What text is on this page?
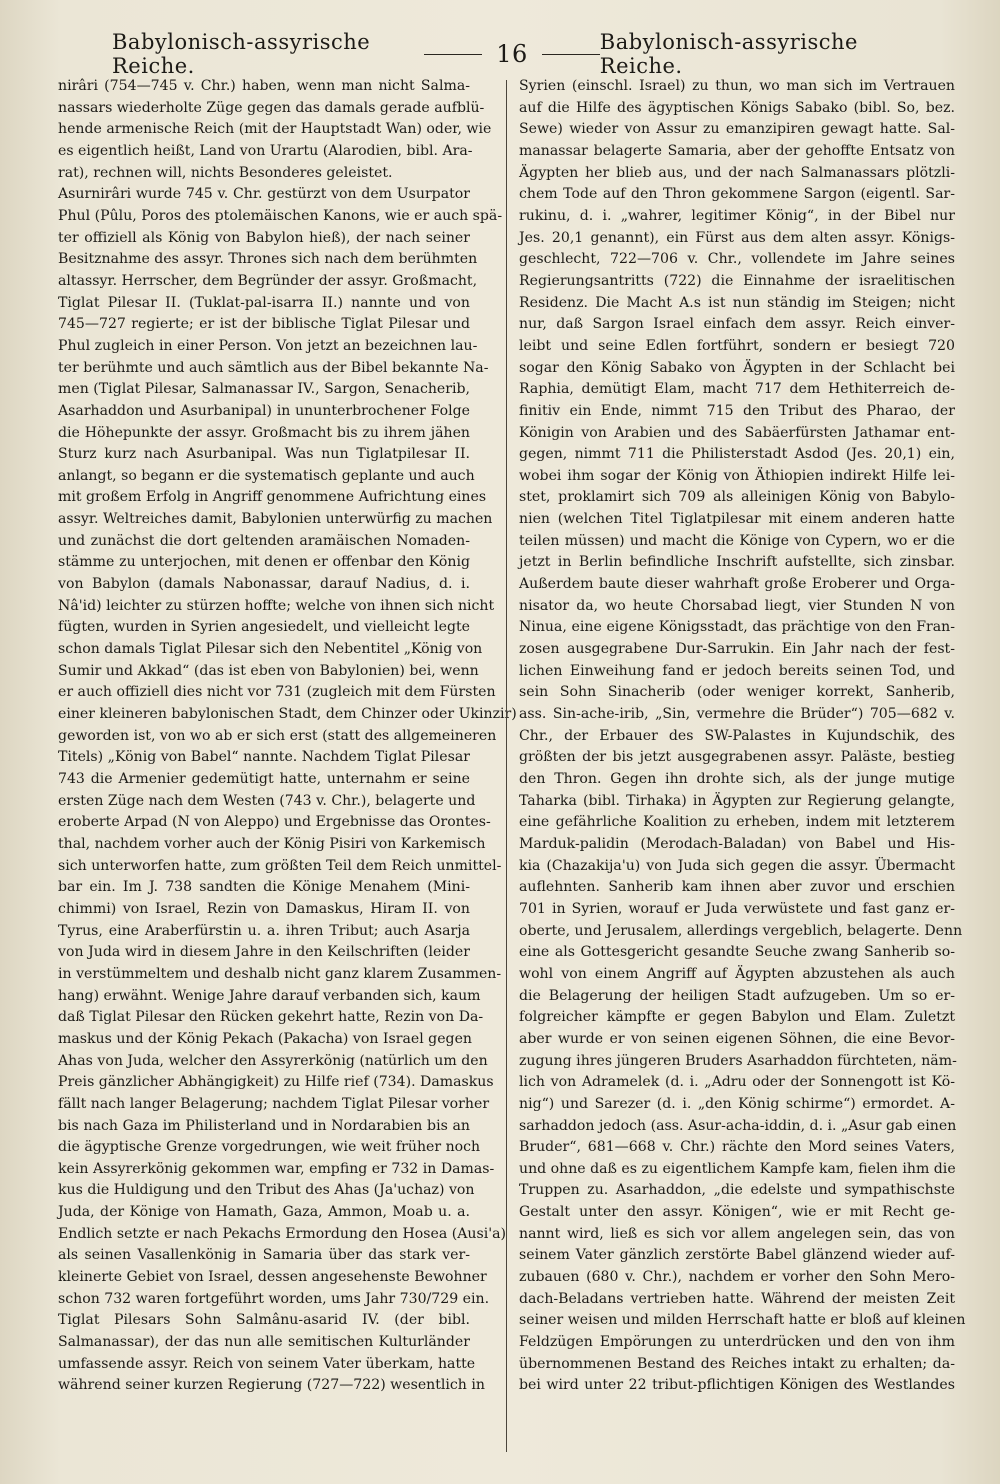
Babylonisch-assyrische Reiche.	16	Babylonisch-assyrische Reiche.
nirâri (754—745 v. Chr.) haben, wenn man nicht Salma-
nassars wiederholte Züge gegen das damals gerade aufblü-
hende armenische Reich (mit der Hauptstadt Wan) oder, wie
es eigentlich heißt, Land von Urartu (Alarodien, bibl. Ara-
rat), rechnen will, nichts Besonderes geleistet.
Asurnirâri wurde 745 v. Chr. gestürzt von dem Usurpator
Phul (Pûlu, Poros des ptolemäischen Kanons, wie er auch spä-
ter offiziell als König von Babylon hieß), der nach seiner
Besitznahme des assyr. Thrones sich nach dem berühmten
altassyr. Herrscher, dem Begründer der assyr. Großmacht,
Tiglat Pilesar II. (Tuklat-pal-isarra II.) nannte und von
745—727 regierte; er ist der biblische Tiglat Pilesar und
Phul zugleich in einer Person. Von jetzt an bezeichnen lau-
ter berühmte und auch sämtlich aus der Bibel bekannte Na-
men (Tiglat Pilesar, Salmanassar IV., Sargon, Senacherib,
Asarhaddon und Asurbanipal) in ununterbrochener Folge
die Höhepunkte der assyr. Großmacht bis zu ihrem jähen
Sturz kurz nach Asurbanipal. Was nun Tiglatpilesar II.
anlangt, so begann er die systematisch geplante und auch
mit großem Erfolg in Angriff genommene Aufrichtung eines
assyr. Weltreiches damit, Babylonien unterwürfig zu machen
und zunächst die dort geltenden aramäischen Nomaden-
stämme zu unterjochen, mit denen er offenbar den König
von Babylon (damals Nabonassar, darauf Nadius, d. i.
Nâ'id) leichter zu stürzen hoffte; welche von ihnen sich nicht
fügten, wurden in Syrien angesiedelt, und vielleicht legte
schon damals Tiglat Pilesar sich den Nebentitel „König von
Sumir und Akkad“ (das ist eben von Babylonien) bei, wenn
er auch offiziell dies nicht vor 731 (zugleich mit dem Fürsten
einer kleineren babylonischen Stadt, dem Chinzer oder Ukinzir)
geworden ist, von wo ab er sich erst (statt des allgemeineren
Titels) „König von Babel“ nannte. Nachdem Tiglat Pilesar
743 die Armenier gedemütigt hatte, unternahm er seine
ersten Züge nach dem Westen (743 v. Chr.), belagerte und
eroberte Arpad (N von Aleppo) und Ergebnisse das Orontes-
thal, nachdem vorher auch der König Pisiri von Karkemisch
sich unterworfen hatte, zum größten Teil dem Reich unmittel-
bar ein. Im J. 738 sandten die Könige Menahem (Mini-
chimmi) von Israel, Rezin von Damaskus, Hiram II. von
Tyrus, eine Araberfürstin u. a. ihren Tribut; auch Asarja
von Juda wird in diesem Jahre in den Keilschriften (leider
in verstümmeltem und deshalb nicht ganz klarem Zusammen-
hang) erwähnt. Wenige Jahre darauf verbanden sich, kaum
daß Tiglat Pilesar den Rücken gekehrt hatte, Rezin von Da-
maskus und der König Pekach (Pakacha) von Israel gegen
Ahas von Juda, welcher den Assyrerkönig (natürlich um den
Preis gänzlicher Abhängigkeit) zu Hilfe rief (734). Damaskus
fällt nach langer Belagerung; nachdem Tiglat Pilesar vorher
bis nach Gaza im Philisterland und in Nordarabien bis an
die ägyptische Grenze vorgedrungen, wie weit früher noch
kein Assyrerkönig gekommen war, empfing er 732 in Damas-
kus die Huldigung und den Tribut des Ahas (Ja'uchaz) von
Juda, der Könige von Hamath, Gaza, Ammon, Moab u. a.
Endlich setzte er nach Pekachs Ermordung den Hosea (Ausi'a)
als seinen Vasallenkönig in Samaria über das stark ver-
kleinerte Gebiet von Israel, dessen angesehenste Bewohner
schon 732 waren fortgeführt worden, ums Jahr 730/729 ein.
Tiglat Pilesars Sohn Salmânu-asarid IV. (der bibl.
Salmanassar), der das nun alle semitischen Kulturländer
umfassende assyr. Reich von seinem Vater überkam, hatte
während seiner kurzen Regierung (727—722) wesentlich in
Syrien (einschl. Israel) zu thun, wo man sich im Vertrauen
auf die Hilfe des ägyptischen Königs Sabako (bibl. So, bez.
Sewe) wieder von Assur zu emanzipiren gewagt hatte. Sal-
manassar belagerte Samaria, aber der gehoffte Entsatz von
Ägypten her blieb aus, und der nach Salmanassars plötzli-
chem Tode auf den Thron gekommene Sargon (eigentl. Sar-
rukinu, d. i. „wahrer, legitimer König“, in der Bibel nur
Jes. 20,1 genannt), ein Fürst aus dem alten assyr. Königs-
geschlecht, 722—706 v. Chr., vollendete im Jahre seines
Regierungsantritts (722) die Einnahme der israelitischen
Residenz. Die Macht A.s ist nun ständig im Steigen; nicht
nur, daß Sargon Israel einfach dem assyr. Reich einver-
leibt und seine Edlen fortführt, sondern er besiegt 720
sogar den König Sabako von Ägypten in der Schlacht bei
Raphia, demütigt Elam, macht 717 dem Hethiterreich de-
finitiv ein Ende, nimmt 715 den Tribut des Pharao, der
Königin von Arabien und des Sabäerfürsten Jathamar ent-
gegen, nimmt 711 die Philisterstadt Asdod (Jes. 20,1) ein,
wobei ihm sogar der König von Äthiopien indirekt Hilfe lei-
stet, proklamirt sich 709 als alleinigen König von Babylo-
nien (welchen Titel Tiglatpilesar mit einem anderen hatte
teilen müssen) und macht die Könige von Cypern, wo er die
jetzt in Berlin befindliche Inschrift aufstellte, sich zinsbar.
Außerdem baute dieser wahrhaft große Eroberer und Orga-
nisator da, wo heute Chorsabad liegt, vier Stunden N von
Ninua, eine eigene Königsstadt, das prächtige von den Fran-
zosen ausgegrabene Dur-Sarrukin. Ein Jahr nach der fest-
lichen Einweihung fand er jedoch bereits seinen Tod, und
sein Sohn Sinacherib (oder weniger korrekt, Sanherib,
ass. Sin-ache-irib, „Sin, vermehre die Brüder“) 705—682 v.
Chr., der Erbauer des SW-Palastes in Kujundschik, des
größten der bis jetzt ausgegrabenen assyr. Paläste, bestieg
den Thron. Gegen ihn drohte sich, als der junge mutige
Taharka (bibl. Tirhaka) in Ägypten zur Regierung gelangte,
eine gefährliche Koalition zu erheben, indem mit letzterem
Marduk-palidin (Merodach-Baladan) von Babel und His-
kia (Chazakija'u) von Juda sich gegen die assyr. Übermacht
auflehnten. Sanherib kam ihnen aber zuvor und erschien
701 in Syrien, worauf er Juda verwüstete und fast ganz er-
oberte, und Jerusalem, allerdings vergeblich, belagerte. Denn
eine als Gottesgericht gesandte Seuche zwang Sanherib so-
wohl von einem Angriff auf Ägypten abzustehen als auch
die Belagerung der heiligen Stadt aufzugeben. Um so er-
folgreicher kämpfte er gegen Babylon und Elam. Zuletzt
aber wurde er von seinen eigenen Söhnen, die eine Bevor-
zugung ihres jüngeren Bruders Asarhaddon fürchteten, näm-
lich von Adramelek (d. i. „Adru oder der Sonnengott ist Kö-
nig“) und Sarezer (d. i. „den König schirme“) ermordet. A-
sarhaddon jedoch (ass. Asur-acha-iddin, d. i. „Asur gab einen
Bruder“, 681—668 v. Chr.) rächte den Mord seines Vaters,
und ohne daß es zu eigentlichem Kampfe kam, fielen ihm die
Truppen zu. Asarhaddon, „die edelste und sympathischste
Gestalt unter den assyr. Königen“, wie er mit Recht ge-
nannt wird, ließ es sich vor allem angelegen sein, das von
seinem Vater gänzlich zerstörte Babel glänzend wieder auf-
zubauen (680 v. Chr.), nachdem er vorher den Sohn Mero-
dach-Beladans vertrieben hatte. Während der meisten Zeit
seiner weisen und milden Herrschaft hatte er bloß auf kleinen
Feldzügen Empörungen zu unterdrücken und den von ihm
übernommenen Bestand des Reiches intakt zu erhalten; da-
bei wird unter 22 tribut-pflichtigen Königen des Westlandes
